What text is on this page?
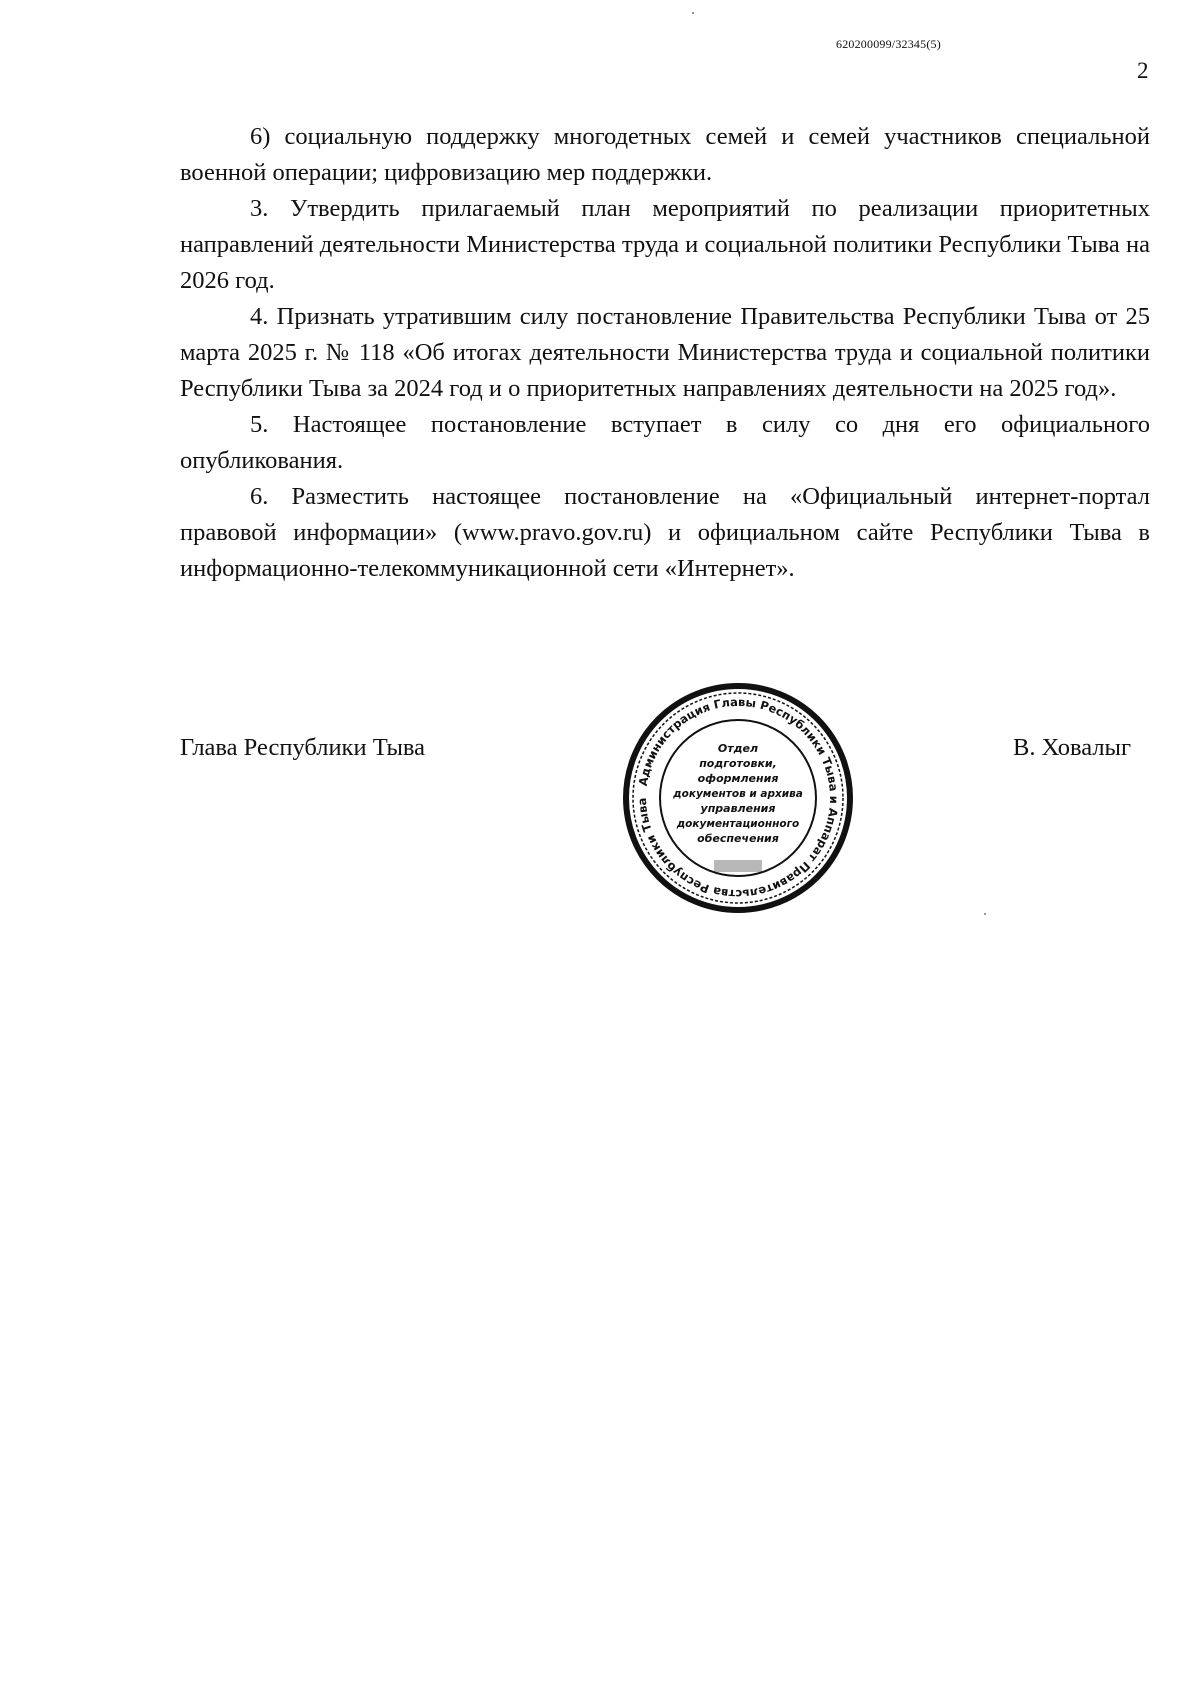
620200099/32345(5)
2

6) социальную поддержку многодетных семей и семей участников специальной военной операции; цифровизацию мер поддержки.

3. Утвердить прилагаемый план мероприятий по реализации приоритетных направлений деятельности Министерства труда и социальной политики Республики Тыва на 2026 год.

4. Признать утратившим силу постановление Правительства Республики Тыва от 25 марта 2025 г. № 118 «Об итогах деятельности Министерства труда и социальной политики Республики Тыва за 2024 год и о приоритетных направлениях деятельности на 2025 год».

5. Настоящее постановление вступает в силу со дня его официального опубликования.

6. Разместить настоящее постановление на «Официальный интернет-портал правовой информации» (www.pravo.gov.ru) и официальном сайте Республики Тыва в информационно-телекоммуникационной сети «Интернет».

Глава Республики Тыва	В. Ховалыг
Администрация Главы Республики Тыва и Аппарат Правительства Республики Тыва
Отдел
подготовки,
оформления
документов и архива
управления
документационного
обеспечения
